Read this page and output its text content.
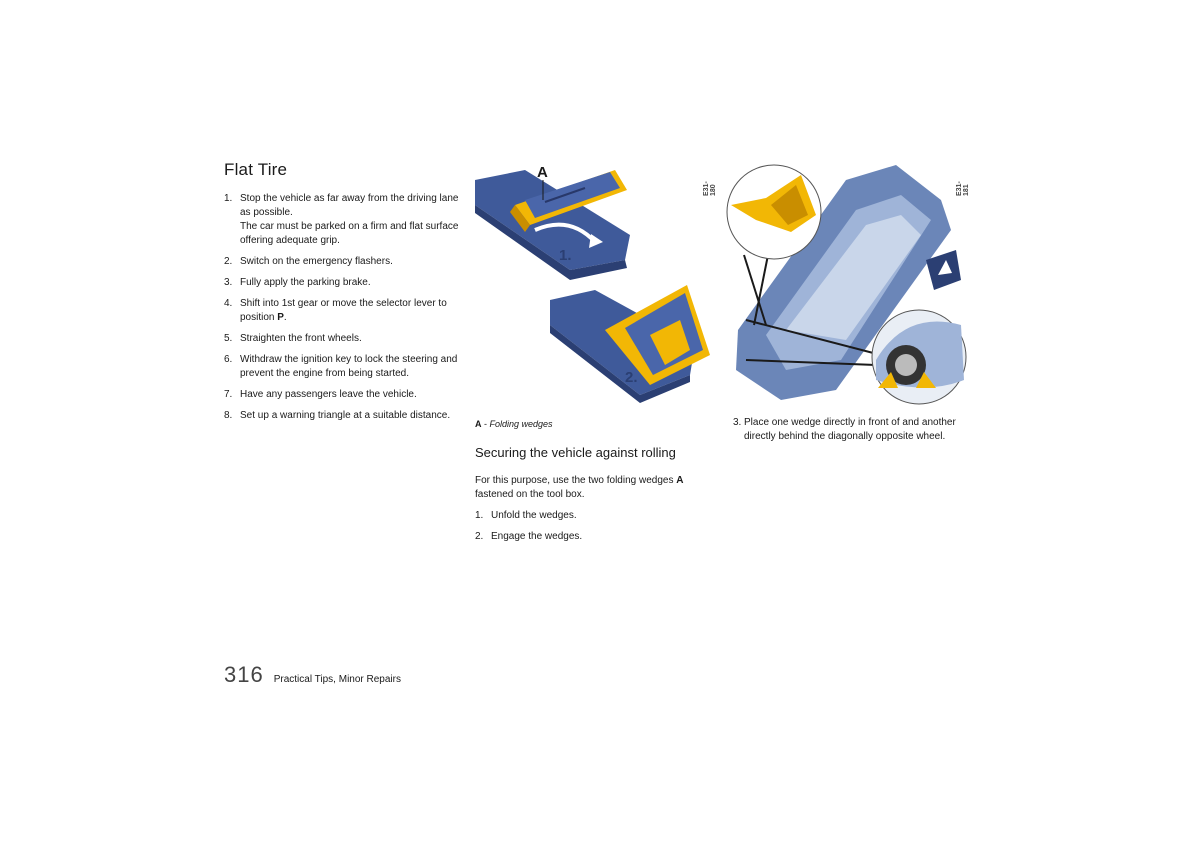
Flat Tire
1. Stop the vehicle as far away from the driving lane as possible.
The car must be parked on a firm and flat surface offering adequate grip.
2. Switch on the emergency flashers.
3. Fully apply the parking brake.
4. Shift into 1st gear or move the selector lever to position P.
5. Straighten the front wheels.
6. Withdraw the ignition key to lock the steering and prevent the engine from being started.
7. Have any passengers leave the vehicle.
8. Set up a warning triangle at a suitable distance.
A
1.
2.
E31-180	E31-181
A - Folding wedges
Securing the vehicle against rolling
For this purpose, use the two folding wedges A fastened on the tool box.
1. Unfold the wedges.
2. Engage the wedges.
3. Place one wedge directly in front of and another directly behind the diagonally opposite wheel.
316 Practical Tips, Minor Repairs
